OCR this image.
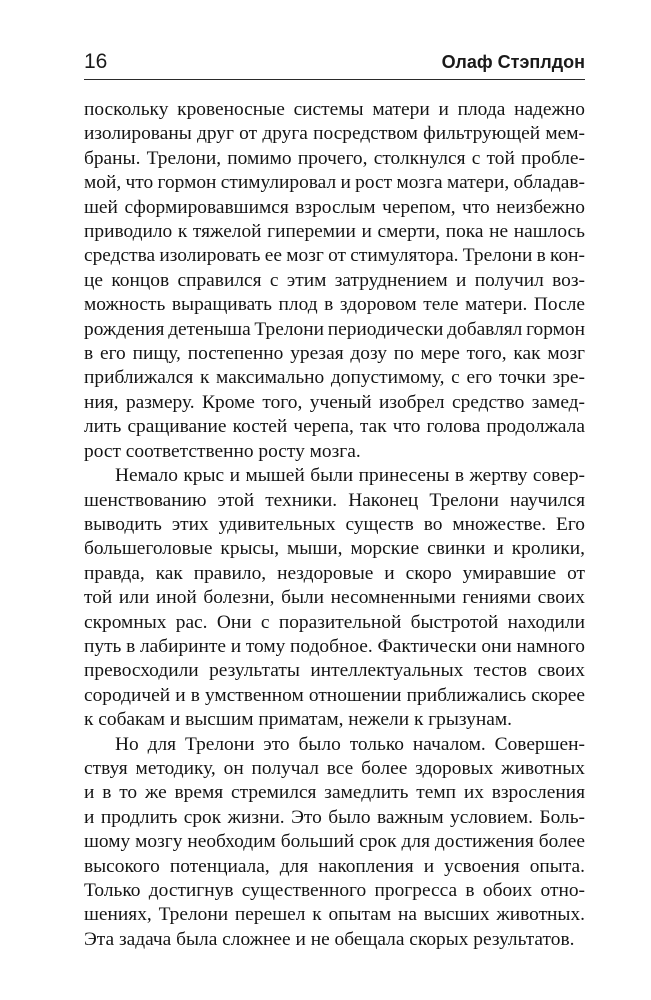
16	Олаф Стэплдон
поскольку кровеносные системы матери и плода надежно
изолированы друг от друга посредством фильтрующей мем-
браны. Трелони, помимо прочего, столкнулся с той пробле-
мой, что гормон стимулировал и рост мозга матери, обладав-
шей сформировавшимся взрослым черепом, что неизбежно
приводило к тяжелой гиперемии и смерти, пока не нашлось
средства изолировать ее мозг от стимулятора. Трелони в кон-
це концов справился с этим затруднением и получил воз-
можность выращивать плод в здоровом теле матери. После
рождения детеныша Трелони периодически добавлял гормон
в его пищу, постепенно урезая дозу по мере того, как мозг
приближался к максимально допустимому, с его точки зре-
ния, размеру. Кроме того, ученый изобрел средство замед-
лить сращивание костей черепа, так что голова продолжала
рост соответственно росту мозга.
Немало крыс и мышей были принесены в жертву совер-
шенствованию этой техники. Наконец Трелони научился
выводить этих удивительных существ во множестве. Его
большеголовые крысы, мыши, морские свинки и кролики,
правда, как правило, нездоровые и скоро умиравшие от
той или иной болезни, были несомненными гениями своих
скромных рас. Они с поразительной быстротой находили
путь в лабиринте и тому подобное. Фактически они намного
превосходили результаты интеллектуальных тестов своих
сородичей и в умственном отношении приближались скорее
к собакам и высшим приматам, нежели к грызунам.
Но для Трелони это было только началом. Совершен-
ствуя методику, он получал все более здоровых животных
и в то же время стремился замедлить темп их взросления
и продлить срок жизни. Это было важным условием. Боль-
шому мозгу необходим больший срок для достижения более
высокого потенциала, для накопления и усвоения опыта.
Только достигнув существенного прогресса в обоих отно-
шениях, Трелони перешел к опытам на высших животных.
Эта задача была сложнее и не обещала скорых результатов.
